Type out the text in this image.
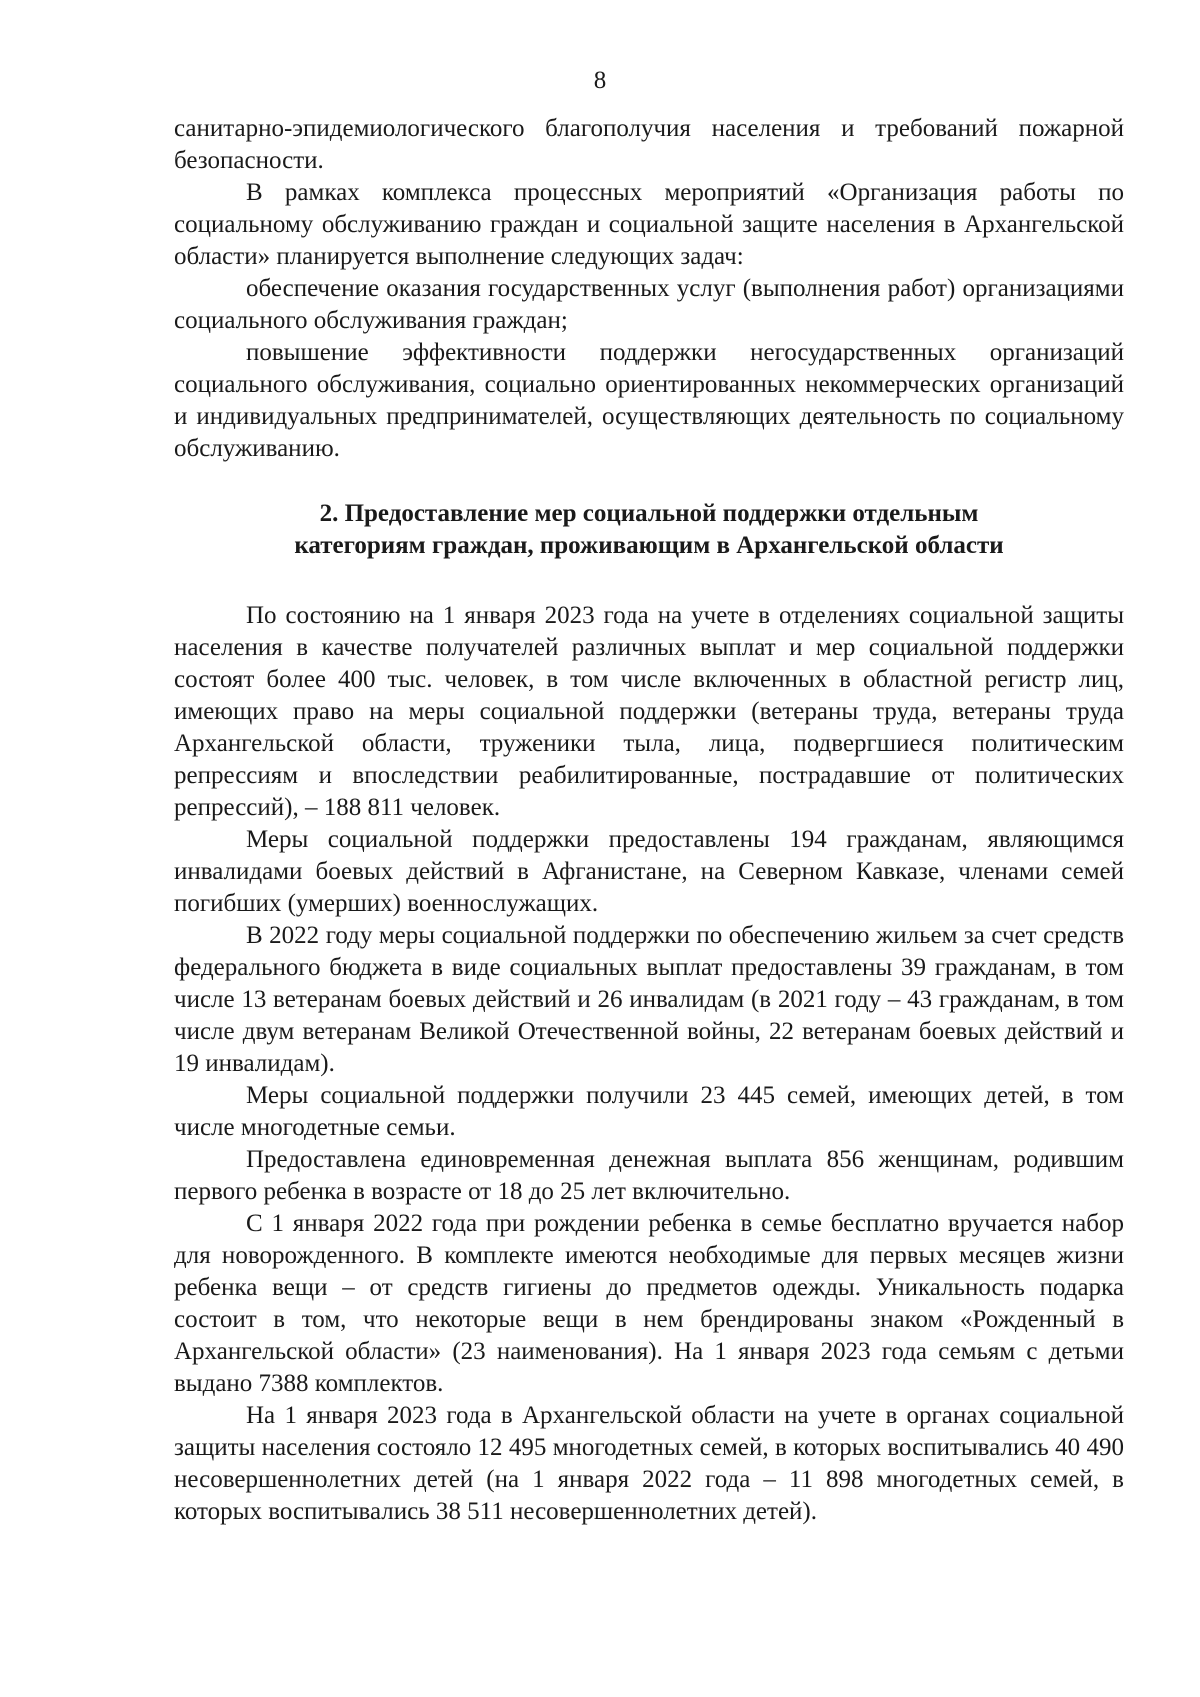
8

санитарно-эпидемиологического благополучия населения и требований пожарной безопасности.

В рамках комплекса процессных мероприятий «Организация работы по социальному обслуживанию граждан и социальной защите населения в Архангельской области» планируется выполнение следующих задач:

обеспечение оказания государственных услуг (выполнения работ) организациями социального обслуживания граждан;

повышение эффективности поддержки негосударственных организаций социального обслуживания, социально ориентированных некоммерческих организаций и индивидуальных предпринимателей, осуществляющих деятельность по социальному обслуживанию.

2. Предоставление мер социальной поддержки отдельным
категориям граждан, проживающим в Архангельской области

По состоянию на 1 января 2023 года на учете в отделениях социальной защиты населения в качестве получателей различных выплат и мер социальной поддержки состоят более 400 тыс. человек, в том числе включенных в областной регистр лиц, имеющих право на меры социальной поддержки (ветераны труда, ветераны труда Архангельской области, труженики тыла, лица, подвергшиеся политическим репрессиям и впоследствии реабилитированные, пострадавшие от политических репрессий), – 188 811 человек.

Меры социальной поддержки предоставлены 194 гражданам, являющимся инвалидами боевых действий в Афганистане, на Северном Кавказе, членами семей погибших (умерших) военнослужащих.

В 2022 году меры социальной поддержки по обеспечению жильем за счет средств федерального бюджета в виде социальных выплат предоставлены 39 гражданам, в том числе 13 ветеранам боевых действий и 26 инвалидам (в 2021 году – 43 гражданам, в том числе двум ветеранам Великой Отечественной войны, 22 ветеранам боевых действий и 19 инвалидам).

Меры социальной поддержки получили 23 445 семей, имеющих детей, в том числе многодетные семьи.

Предоставлена единовременная денежная выплата 856 женщинам, родившим первого ребенка в возрасте от 18 до 25 лет включительно.

С 1 января 2022 года при рождении ребенка в семье бесплатно вручается набор для новорожденного. В комплекте имеются необходимые для первых месяцев жизни ребенка вещи – от средств гигиены до предметов одежды. Уникальность подарка состоит в том, что некоторые вещи в нем брендированы знаком «Рожденный в Архангельской области» (23 наименования). На 1 января 2023 года семьям с детьми выдано 7388 комплектов.

На 1 января 2023 года в Архангельской области на учете в органах социальной защиты населения состояло 12 495 многодетных семей, в которых воспитывались 40 490 несовершеннолетних детей (на 1 января 2022 года – 11 898 многодетных семей, в которых воспитывались 38 511 несовершеннолетних детей).
